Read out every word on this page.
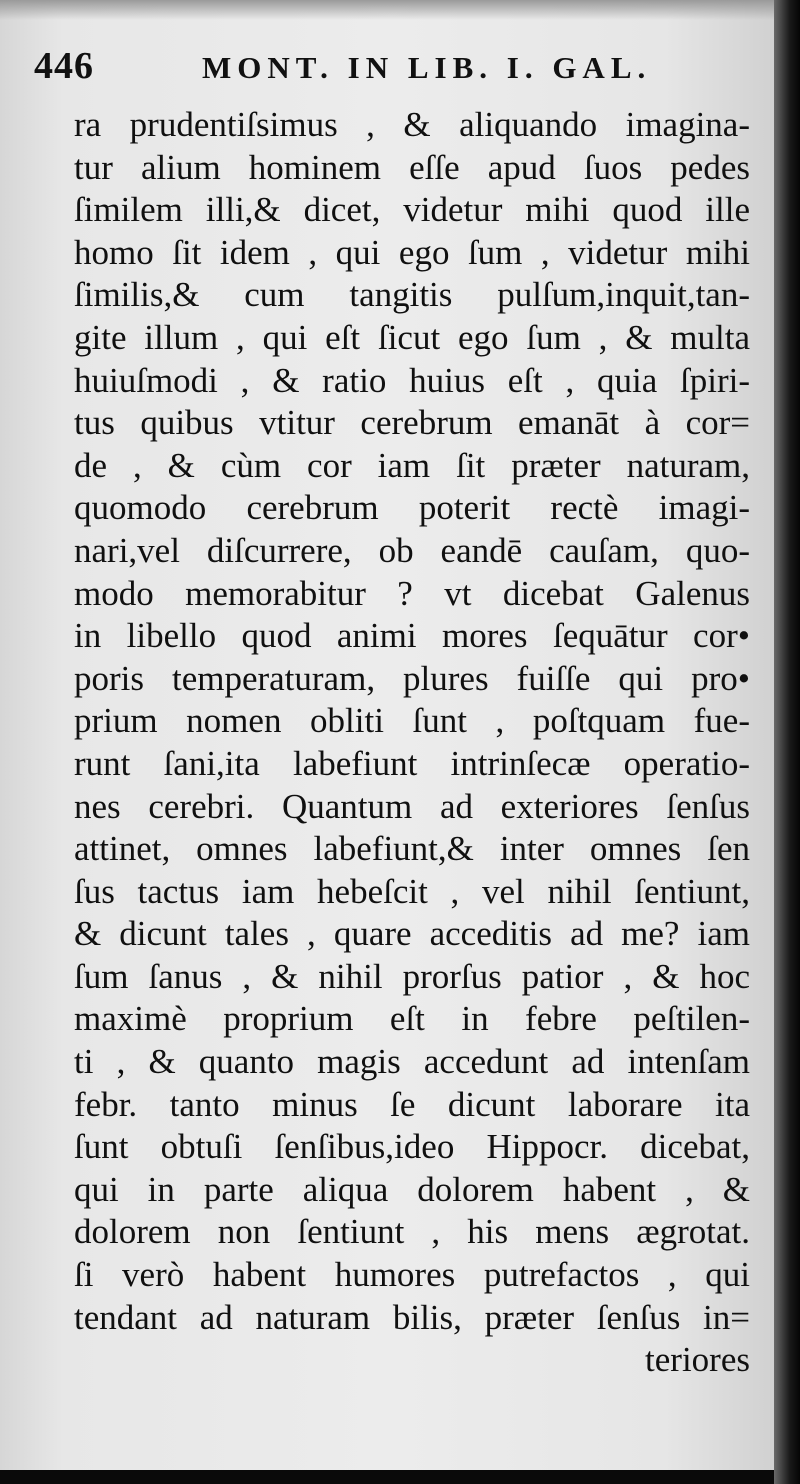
446	MONT. IN LIB. I. GAL.
ra prudentiſsimus , & aliquando imagina-
tur alium hominem eſſe apud ſuos pedes
ſimilem illi,& dicet, videtur mihi quod ille
homo ſit idem , qui ego ſum , videtur mihi
ſimilis,& cum tangitis pulſum,inquit,tan-
gite illum , qui eſt ſicut ego ſum , & multa
huiuſmodi , & ratio huius eſt , quia ſpiri-
tus quibus vtitur cerebrum emanāt à cor=
de , & cùm cor iam ſit præter naturam,
quomodo cerebrum poterit rectè imagi-
nari,vel diſcurrere, ob eandē cauſam, quo-
modo memorabitur ? vt dicebat Galenus
in libello quod animi mores ſequātur cor•
poris temperaturam, plures fuiſſe qui pro•
prium nomen obliti ſunt , poſtquam fue-
runt ſani,ita labefiunt intrinſecæ operatio-
nes cerebri. Quantum ad exteriores ſenſus
attinet, omnes labefiunt,& inter omnes ſen
ſus tactus iam hebeſcit , vel nihil ſentiunt,
& dicunt tales , quare acceditis ad me? iam
ſum ſanus , & nihil prorſus patior , & hoc
maximè proprium eſt in febre peſtilen-
ti , & quanto magis accedunt ad intenſam
febr. tanto minus ſe dicunt laborare ita
ſunt obtuſi ſenſibus,ideo Hippocr. dicebat,
qui in parte aliqua dolorem habent , &
dolorem non ſentiunt , his mens ægrotat.
ſi verò habent humores putrefactos , qui
tendant ad naturam bilis, præter ſenſus in=
teriores
